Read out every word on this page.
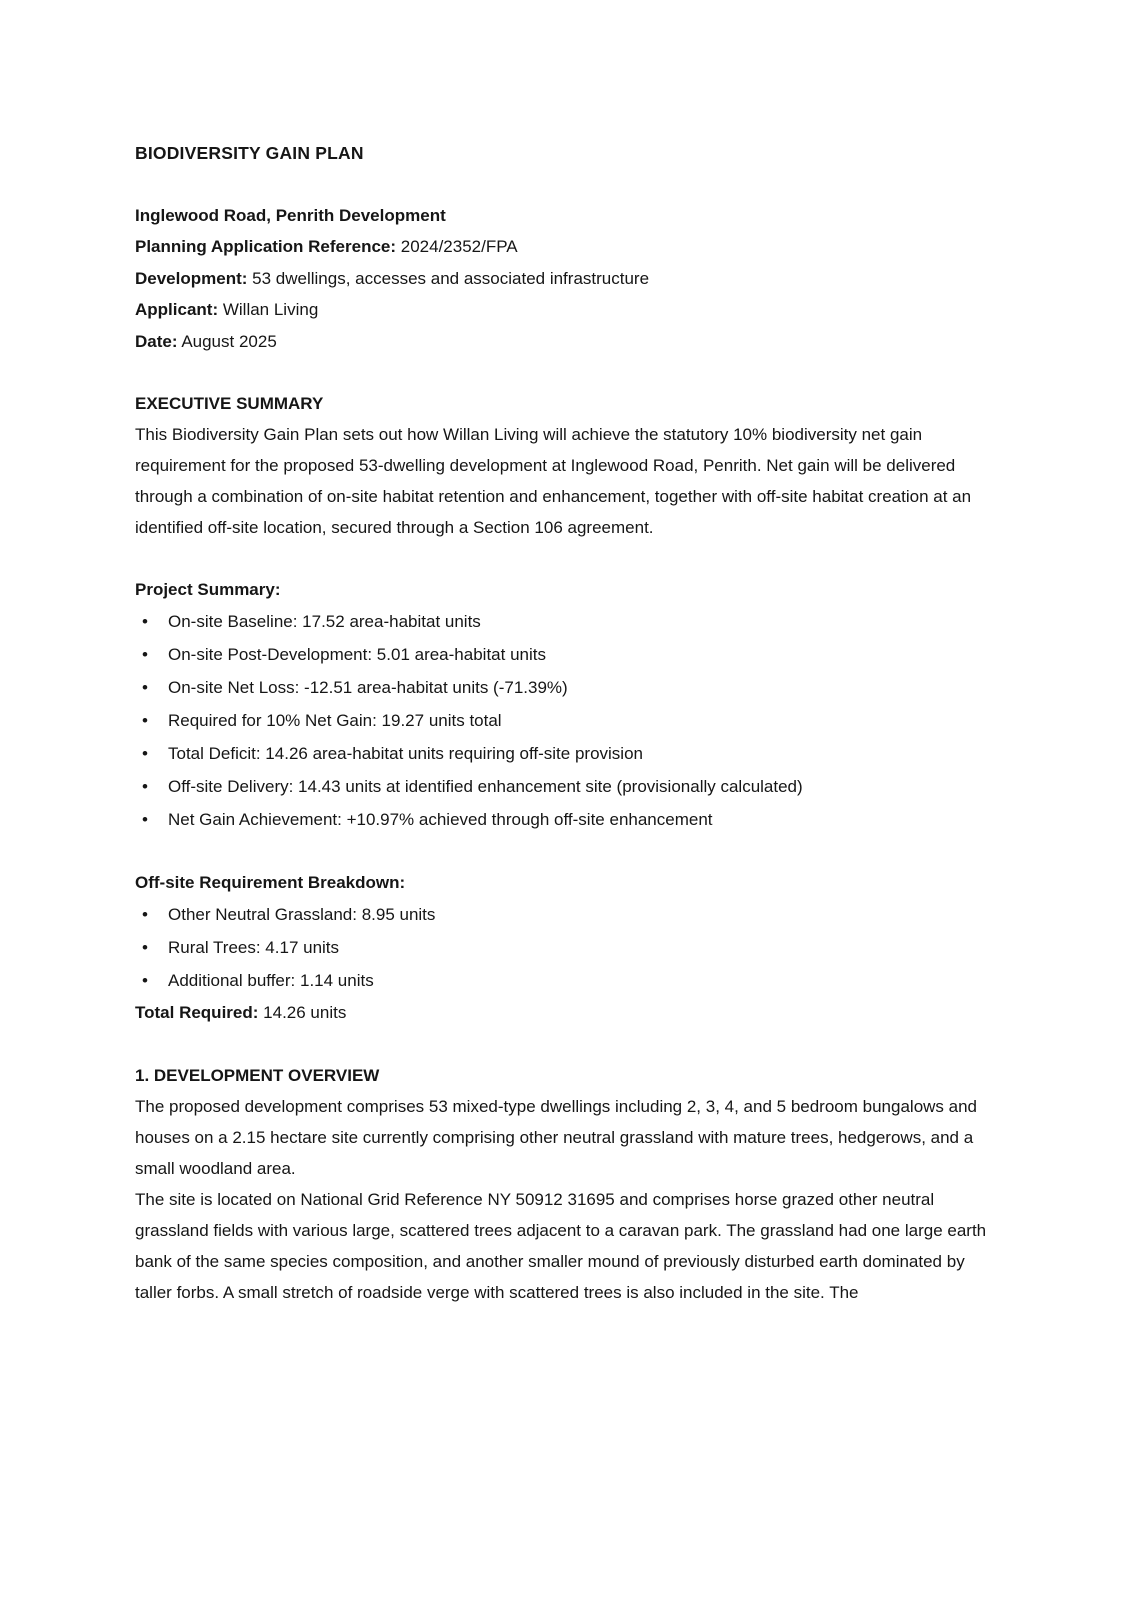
BIODIVERSITY GAIN PLAN

Inglewood Road, Penrith Development

Planning Application Reference: 2024/2352/FPA

Development: 53 dwellings, accesses and associated infrastructure

Applicant: Willan Living

Date: August 2025

EXECUTIVE SUMMARY

This Biodiversity Gain Plan sets out how Willan Living will achieve the statutory 10% biodiversity net gain requirement for the proposed 53-dwelling development at Inglewood Road, Penrith. Net gain will be delivered through a combination of on-site habitat retention and enhancement, together with off-site habitat creation at an identified off-site location, secured through a Section 106 agreement.

Project Summary:
• On-site Baseline: 17.52 area-habitat units
• On-site Post-Development: 5.01 area-habitat units
• On-site Net Loss: -12.51 area-habitat units (-71.39%)
• Required for 10% Net Gain: 19.27 units total
• Total Deficit: 14.26 area-habitat units requiring off-site provision
• Off-site Delivery: 14.43 units at identified enhancement site (provisionally calculated)
• Net Gain Achievement: +10.97% achieved through off-site enhancement
Off-site Requirement Breakdown:
• Other Neutral Grassland: 8.95 units
• Rural Trees: 4.17 units
• Additional buffer: 1.14 units

Total Required: 14.26 units

1. DEVELOPMENT OVERVIEW

The proposed development comprises 53 mixed-type dwellings including 2, 3, 4, and 5 bedroom bungalows and houses on a 2.15 hectare site currently comprising other neutral grassland with mature trees, hedgerows, and a small woodland area.

The site is located on National Grid Reference NY 50912 31695 and comprises horse grazed other neutral grassland fields with various large, scattered trees adjacent to a caravan park. The grassland had one large earth bank of the same species composition, and another smaller mound of previously disturbed earth dominated by taller forbs. A small stretch of roadside verge with scattered trees is also included in the site. The
